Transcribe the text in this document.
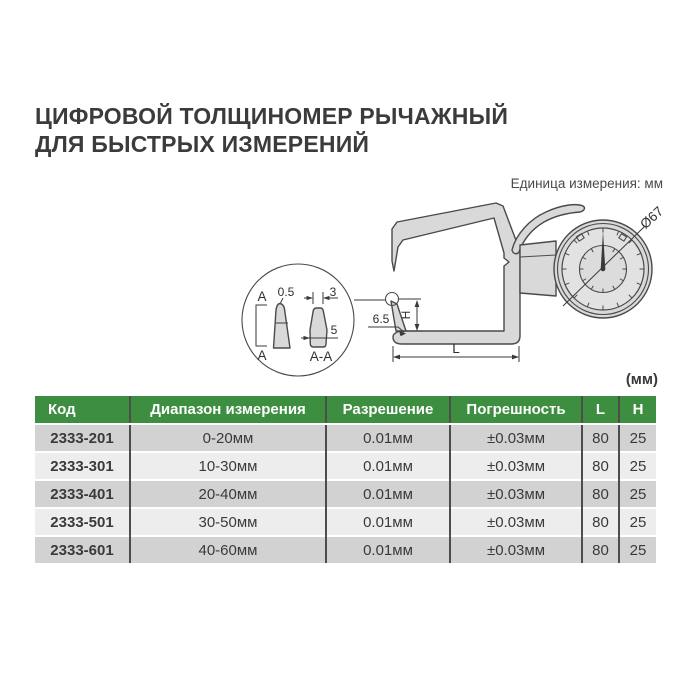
ЦИФРОВОЙ ТОЛЩИНОМЕР РЫЧАЖНЫЙ
ДЛЯ БЫСТРЫХ ИЗМЕРЕНИЙ
Единица измерения: мм
Ø67
H
6.5
L
A
A
0.5	3
5
A-A
(мм)
Код	Диапазон измерения	Разрешение	Погрешность	L	H
2333-201	0-20мм	0.01мм	±0.03мм	80	25
2333-301	10-30мм	0.01мм	±0.03мм	80	25
2333-401	20-40мм	0.01мм	±0.03мм	80	25
2333-501	30-50мм	0.01мм	±0.03мм	80	25
2333-601	40-60мм	0.01мм	±0.03мм	80	25
